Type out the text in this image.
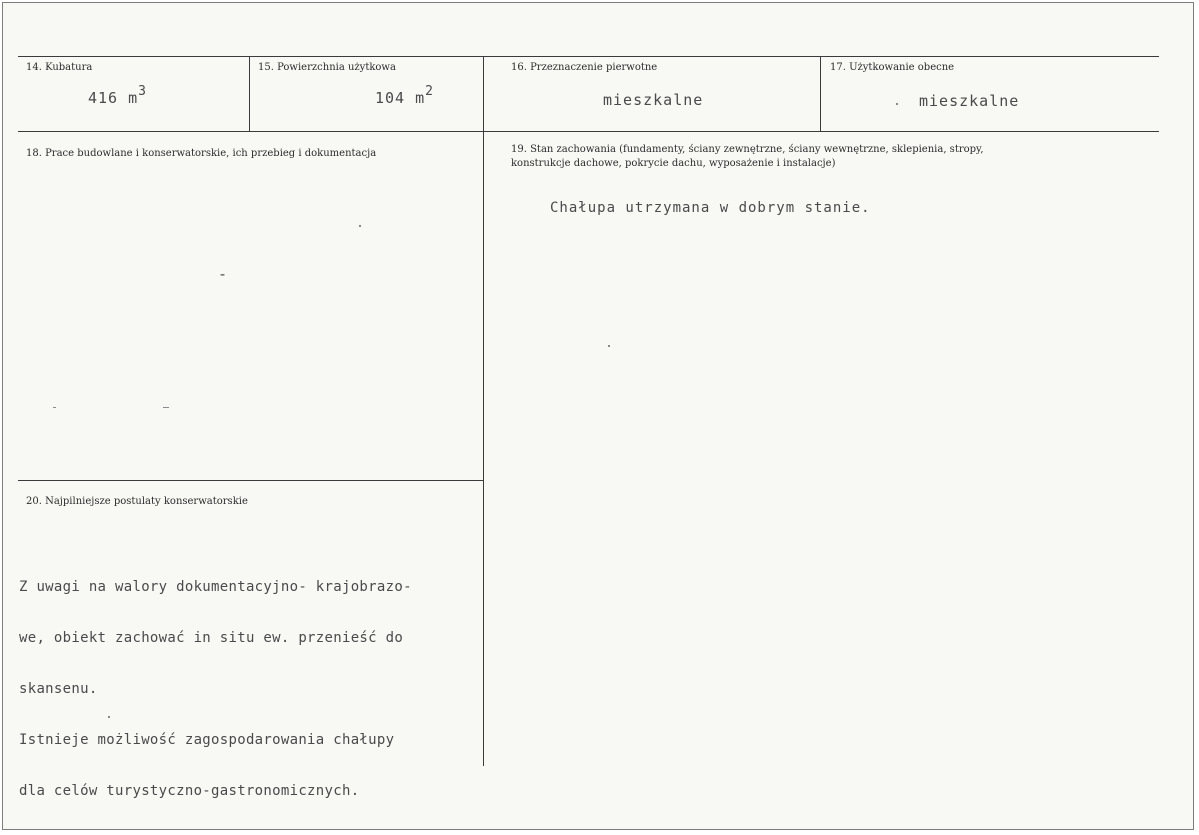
14. Kubatura
416 m3
15. Powierzchnia użytkowa
104 m2
16. Przeznaczenie pierwotne
mieszkalne
17. Użytkowanie obecne
mieszkalne
18. Prace budowlane i konserwatorskie, ich przebieg i dokumentacja
-
19. Stan zachowania (fundamenty, ściany zewnętrzne, ściany wewnętrzne, sklepienia, stropy,
konstrukcje dachowe, pokrycie dachu, wyposażenie i instalacje)
Chałupa utrzymana w dobrym stanie.
20. Najpilniejsze postulaty konserwatorskie

Z uwagi na walory dokumentacyjno- krajobrazo-

we, obiekt zachować in situ ew. przenieść do

skansenu.

Istnieje możliwość zagospodarowania chałupy

dla celów turystyczno-gastronomicznych.
